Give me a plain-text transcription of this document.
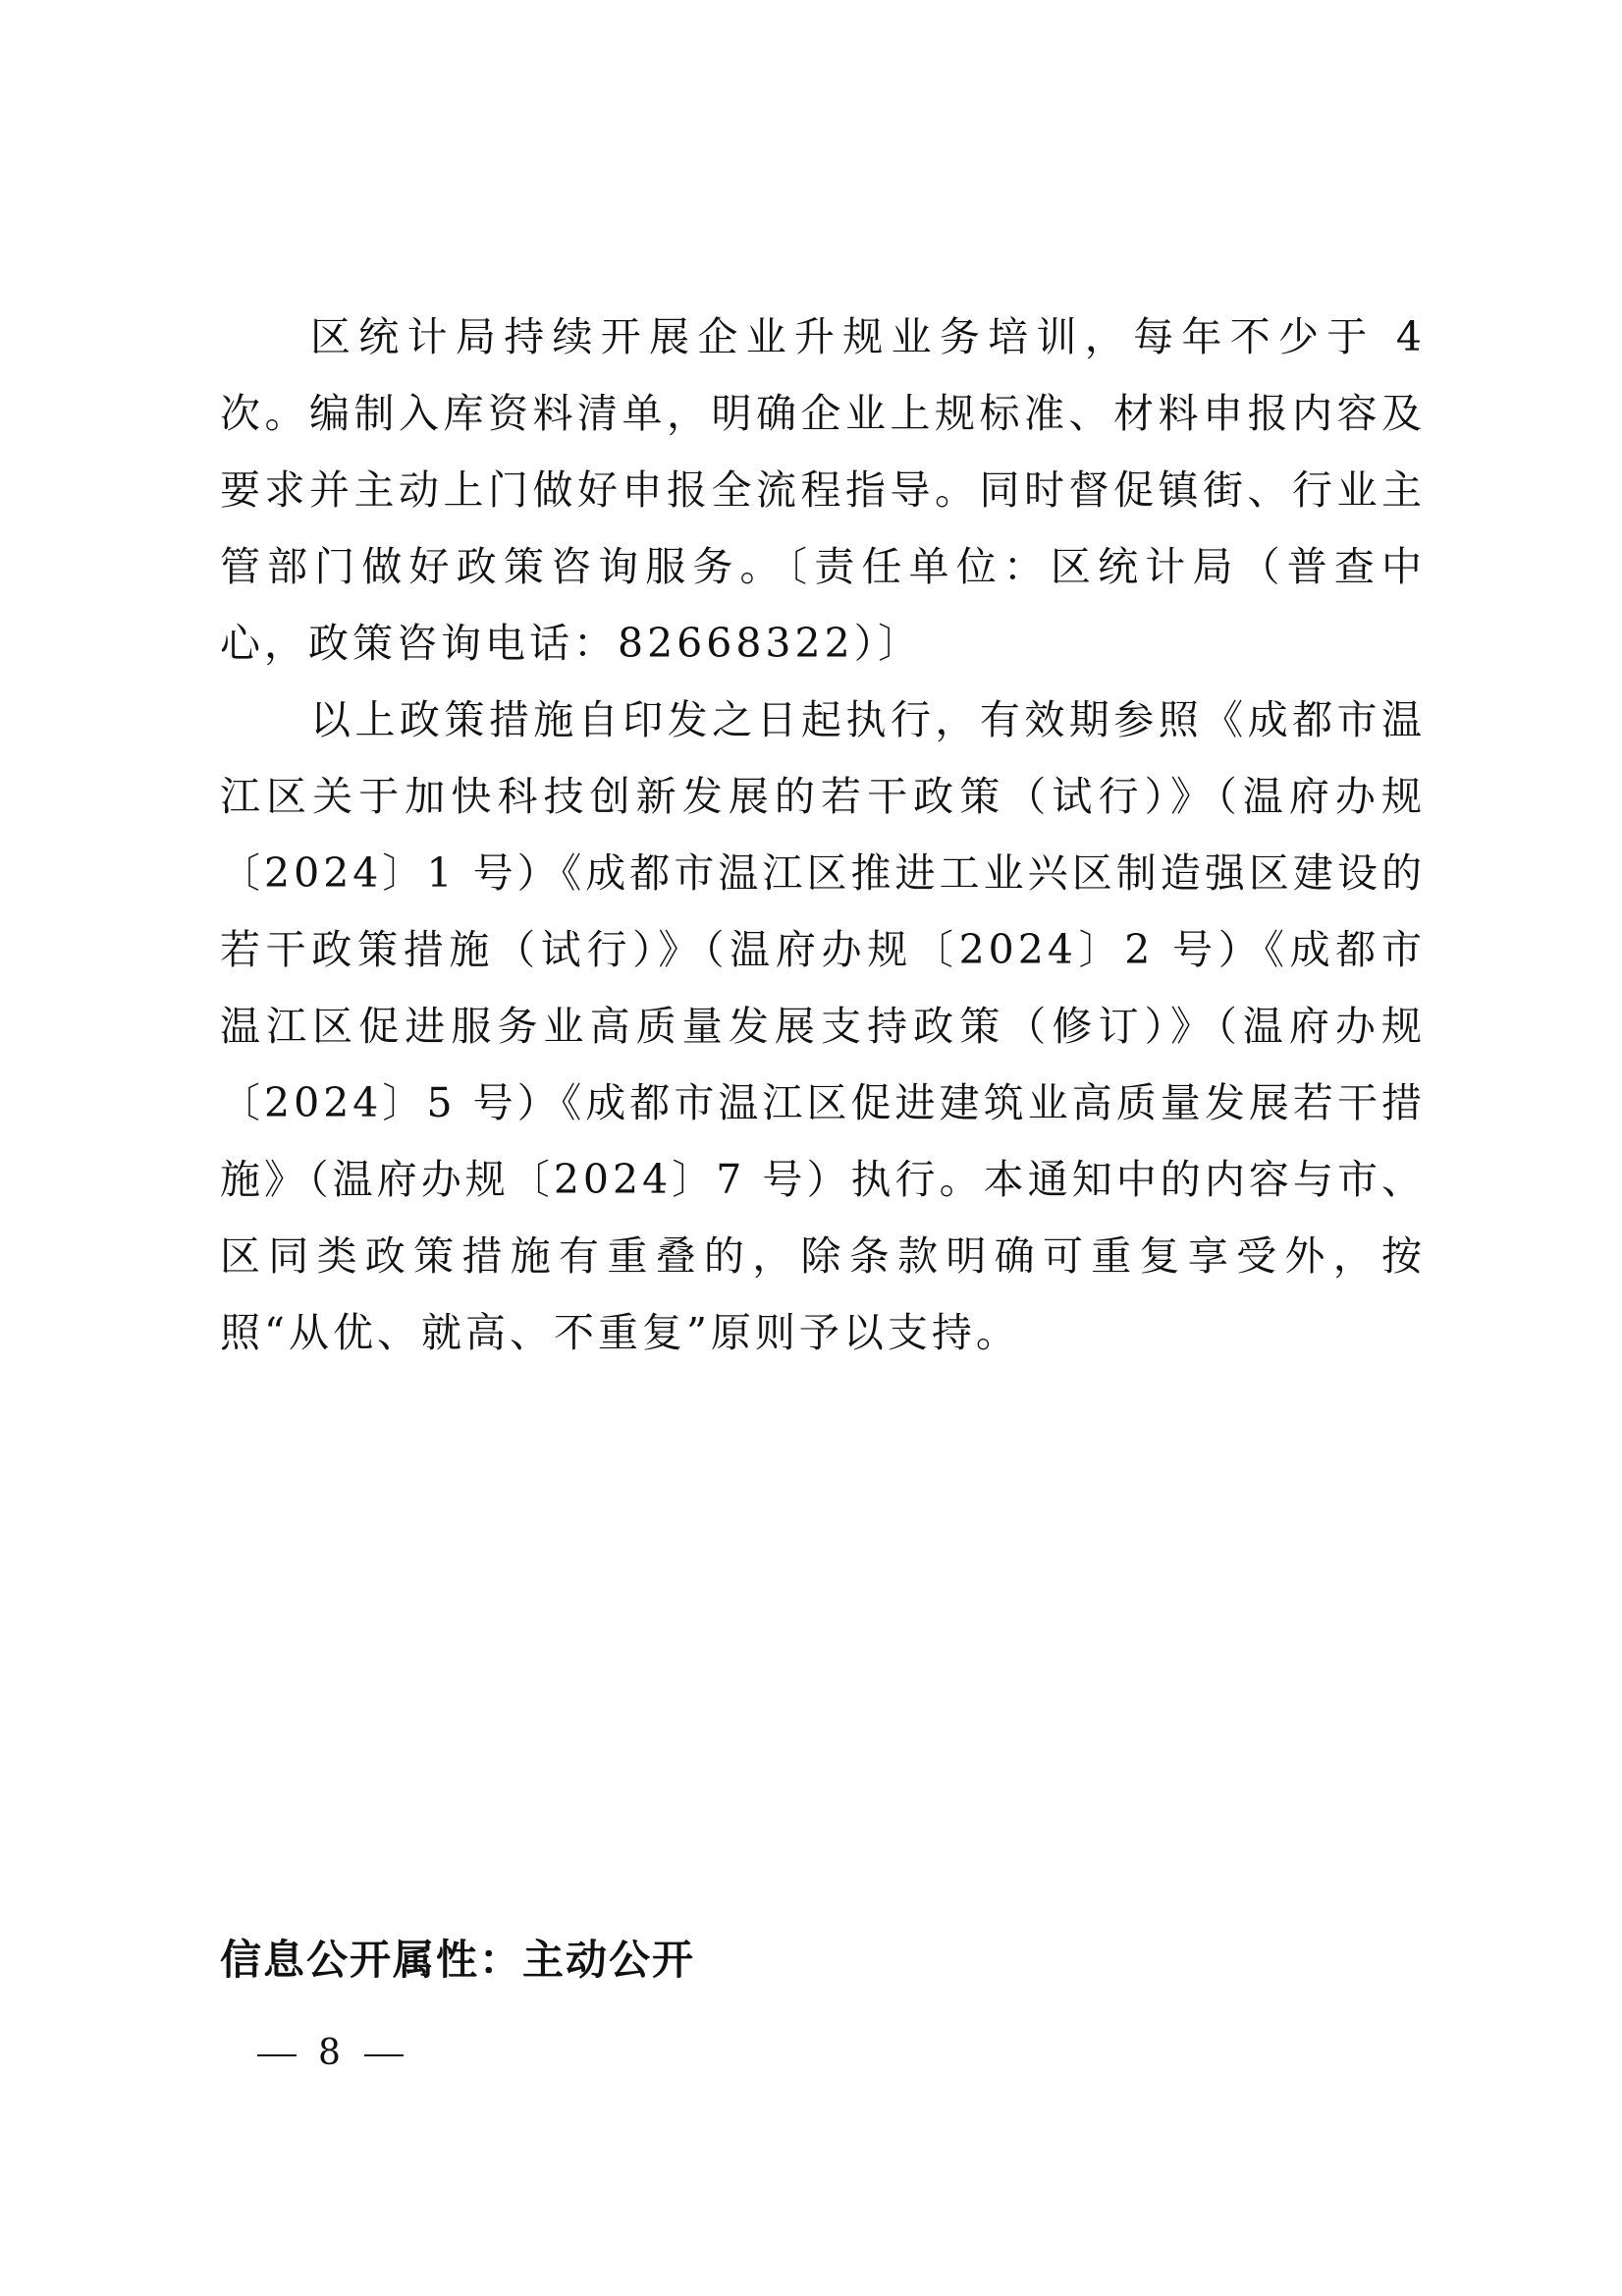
区统计局持续开展企业升规业务培训，每年不少于 4 次。编制入库资料清单，明确企业上规标准、材料申报内容及要求并主动上门做好申报全流程指导。同时督促镇街、行业主管部门做好政策咨询服务。〔责任单位：区统计局（普查中心，政策咨询电话：82668322）〕

以上政策措施自印发之日起执行，有效期参照《成都市温江区关于加快科技创新发展的若干政策（试行）》（温府办规〔2024〕1 号）《成都市温江区推进工业兴区制造强区建设的若干政策措施（试行）》（温府办规〔2024〕2 号）《成都市温江区促进服务业高质量发展支持政策（修订）》（温府办规〔2024〕5 号）《成都市温江区促进建筑业高质量发展若干措施》（温府办规〔2024〕7 号）执行。本通知中的内容与市、区同类政策措施有重叠的，除条款明确可重复享受外，按照“从优、就高、不重复”原则予以支持。

信息公开属性：主动公开

8
